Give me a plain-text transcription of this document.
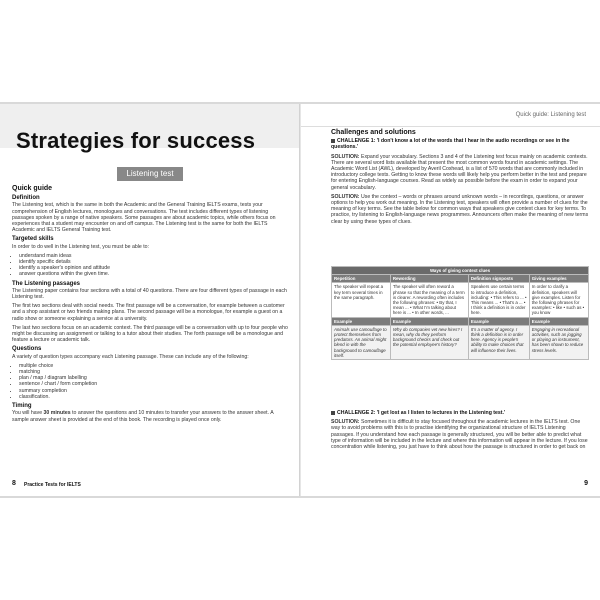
Strategies for success
Listening test
Quick guide
Definition

The Listening test, which is the same in both the Academic and the General Training IELTS exams, tests your comprehension of English lectures, monologues and conversations. The test includes different types of listening passages spoken by a range of native speakers. Some passages are about academic topics, while others focus on experiences that a student may encounter on and off campus. The Listening test is the same for both the IELTS Academic and IELTS General Training test.

Targeted skills

In order to do well in the Listening test, you must be able to:

• understand main ideas
• identify specific details
• identify a speaker's opinion and attitude
• answer questions within the given time.
The Listening passages

The Listening paper contains four sections with a total of 40 questions. There are four different types of passage in each Listening test.

The first two sections deal with social needs. The first passage will be a conversation, for example between a customer and a shop assistant or two friends making plans. The second passage will be a monologue, for example a guest on a radio show or someone explaining a service at a university.

The last two sections focus on an academic context. The third passage will be a conversation with up to four people who might be discussing an assignment or talking to a tutor about their studies. The forth passage will be a monologue and feature a lecture or academic talk.

Questions

A variety of question types accompany each Listening passage. These can include any of the following:

• multiple choice
• matching
• plan / map / diagram labelling
• sentence / chart / form completion
• summary completion
• classification.
Timing

You will have 30 minutes to answer the questions and 10 minutes to transfer your answers to the answer sheet. A sample answer sheet is provided at the end of this book. The recording is played once only.

8 Practice Tests for IELTS
Quick guide: Listening test
Challenges and solutions

CHALLENGE 1: 'I don't know a lot of the words that I hear in the audio recordings or see in the questions.'

SOLUTION: Expand your vocabulary. Sections 3 and 4 of the Listening test focus mainly on academic contexts. There are several word lists available that present the most common words found in academic settings. The Academic Word List (AWL), developed by Averil Coxhead, is a list of 570 words that are commonly included in introductory college texts. Getting to know these words will likely help you perform better in the test and prepare for entering English-language courses. Read as widely as possible before the exam in order to expand your general vocabulary.

SOLUTION: Use the context – words or phrases around unknown words – in recordings, questions, or answer options to help you work out meaning. In the Listening test, speakers will often provide a number of clues for the meaning of key terms. See the table below for common ways that speakers give context clues for key terms. To practice, try listening to English-language news programmes. Announcers often make the meaning of new terms clear by using these types of clues.

Ways of giving context clues			
Repetition	Rewording	Definition signposts	Giving examples
The speaker will repeat a key term several times in the same paragraph.	The speaker will often reword a phrase so that the meaning of a term is clearer. A rewording often includes the following phrases: • By that, I mean ... • What I'm talking about here is ... • In other words, ...	Speakers use certain terms to introduce a definition, including: • This refers to ... • This means ... • That's a ... • I think a definition is in order here.	In order to clarify a definition, speakers will give examples. Listen for the following phrases for examples: • like • such as • you know
Example	Example	Example	Example
Animals use camouflage to protect themselves from predators. An animal might blend in with the background to camouflage itself.	Why do companies vet new hires? I mean, why do they perform background checks and check out the potential employee's history?	It's a matter of agency. I think a definition is in order here. Agency is people's ability to make choices that will influence their lives.	Engaging in recreational activities, such as jogging or playing an instrument, has been shown to reduce stress levels.

CHALLENGE 2: 'I get lost as I listen to lectures in the Listening test.'

SOLUTION: Sometimes it is difficult to stay focused throughout the academic lectures in the IELTS test. One way to avoid problems with this is to practise identifying the organizational structure of IELTS Listening passages. If you understand how each passage is generally structured, you will be better able to predict what type of information will be included in the lecture and where this information will appear in the lecture. If you lose concentration while listening, you just have to think about how the passage is structured in order to get back on

9
